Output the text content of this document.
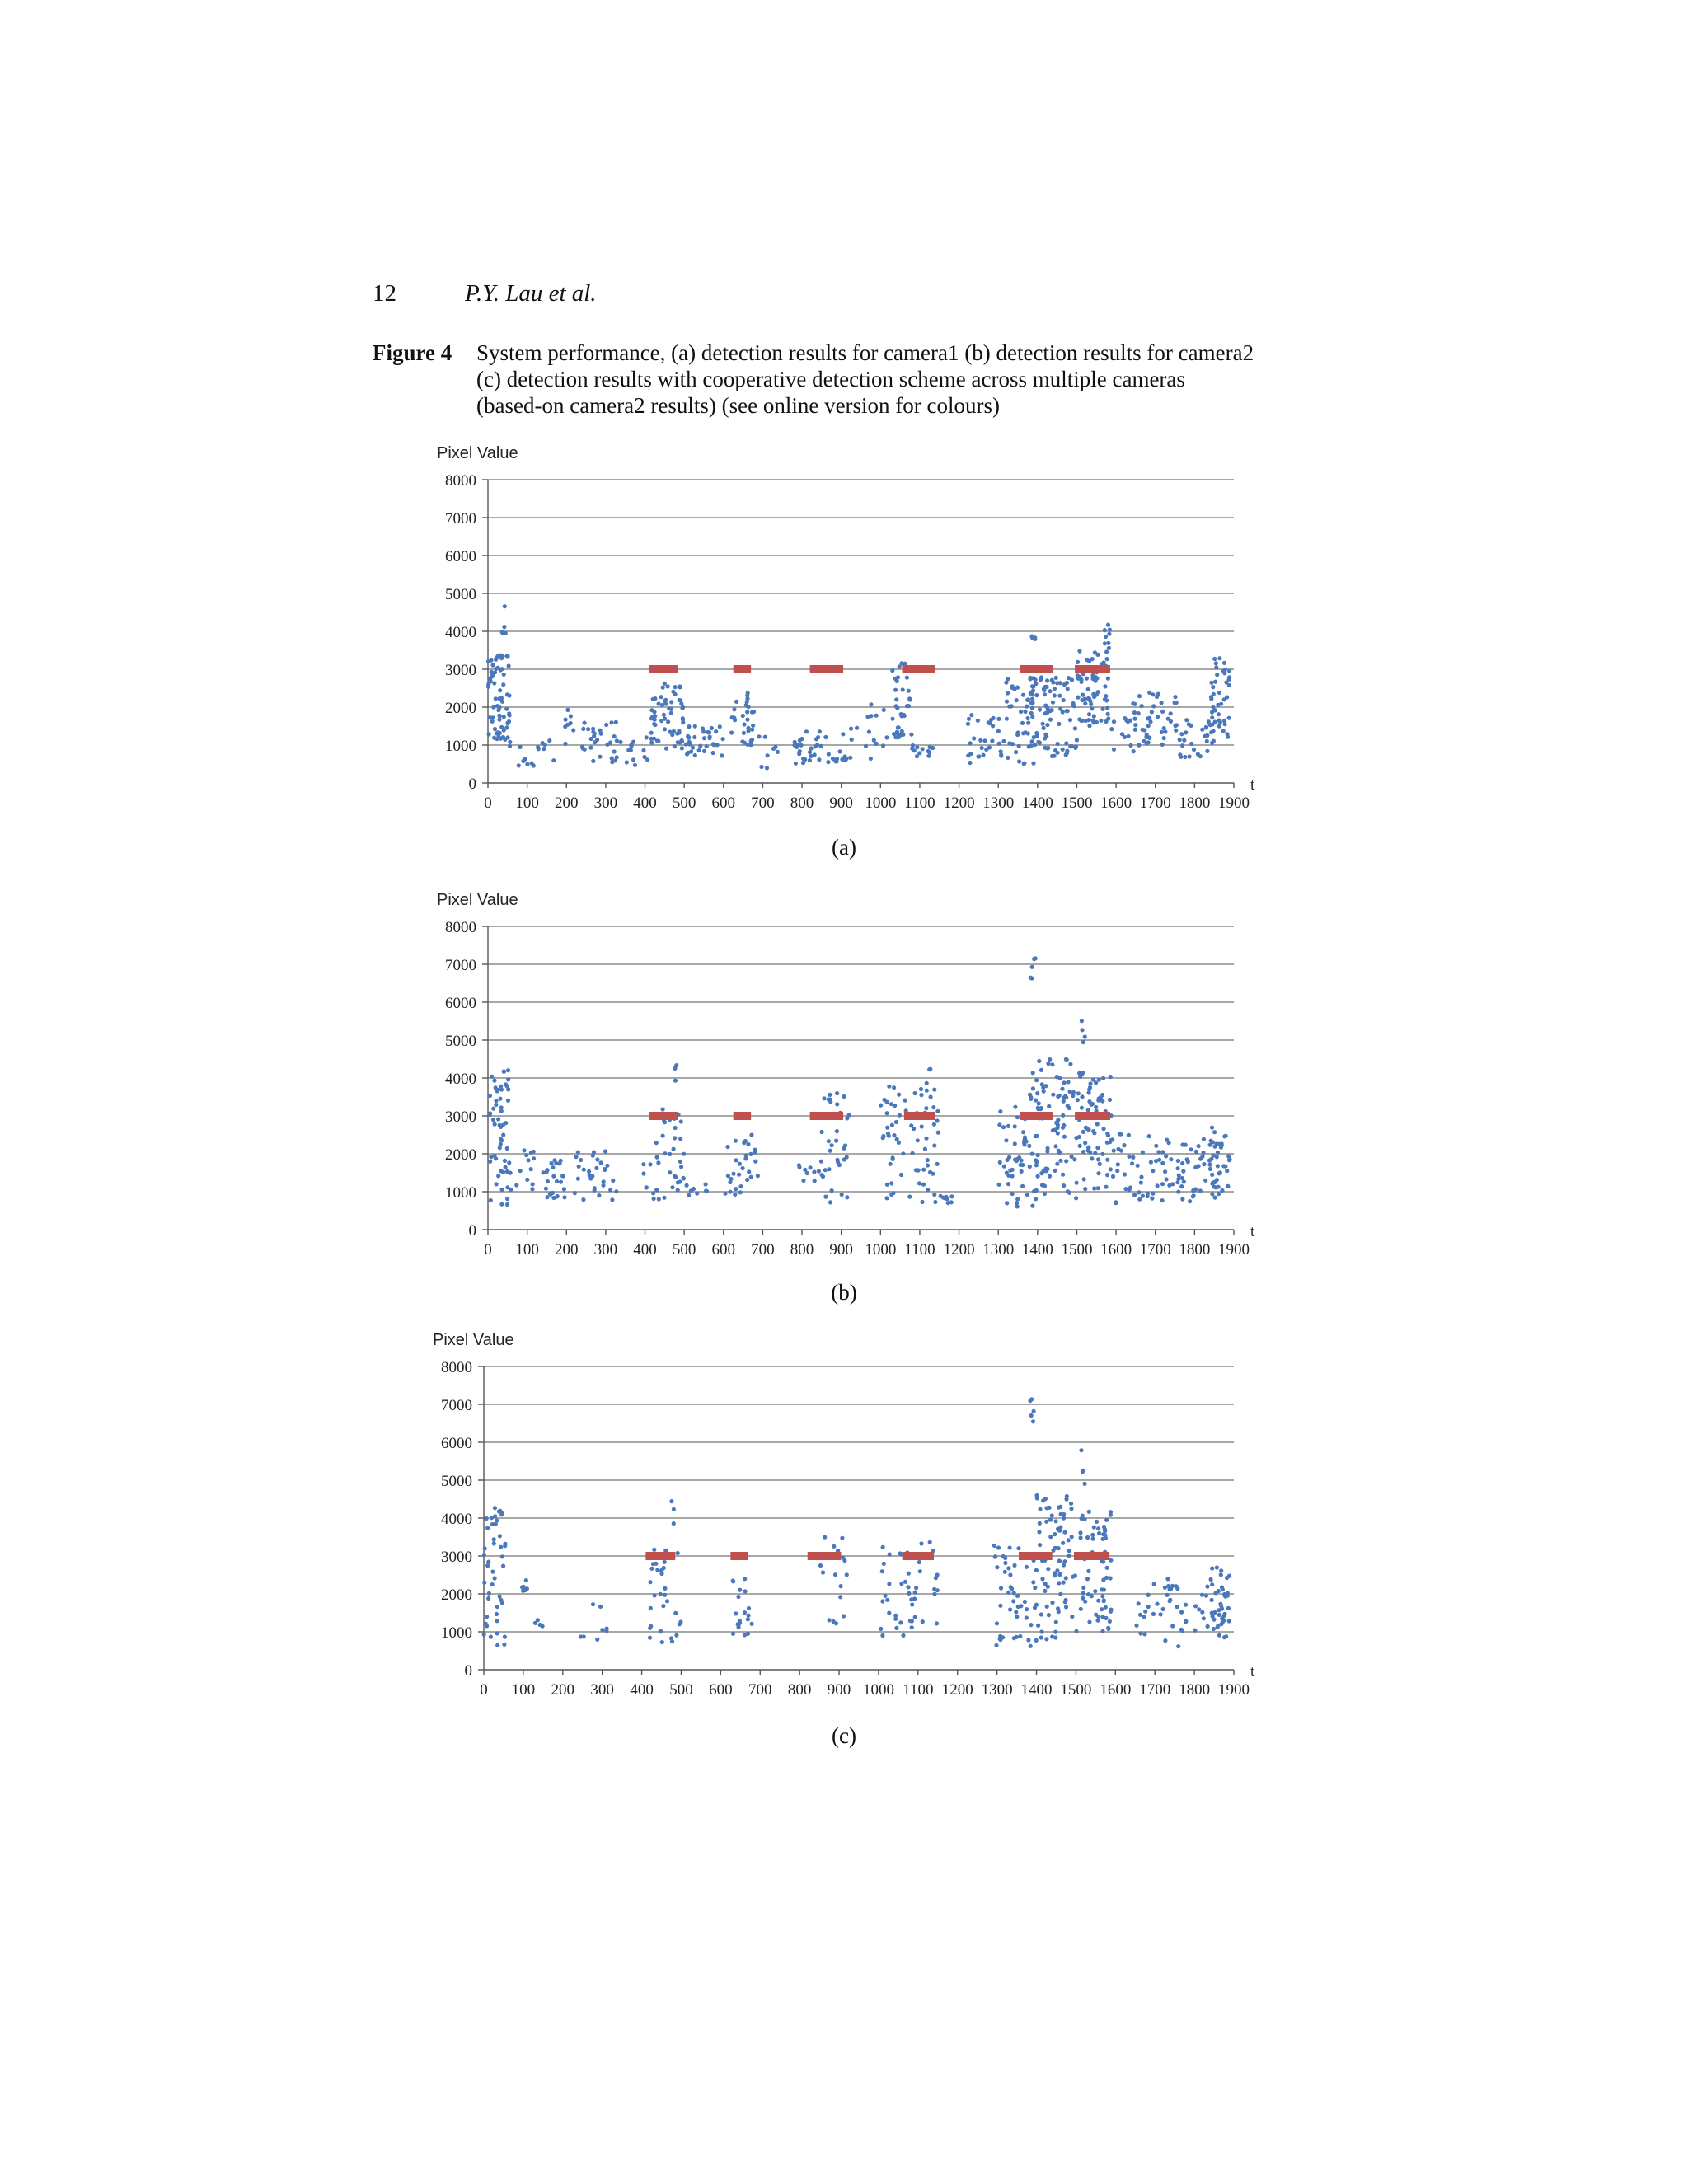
12	P.Y. Lau et al.
Figure 4 System performance, (a) detection results for camera1 (b) detection results for camera2
(c) detection results with cooperative detection scheme across multiple cameras
(based-on camera2 results) (see online version for colours)
Pixel Value
0
1000
2000
3000
4000
5000
6000
7000
8000
0 100 200 300 400 500 600 700 800 900 1000 1100 1200 1300 1400 1500 1600 1700 1800 1900
t
(a)
Pixel Value
0
1000
2000
3000
4000
5000
6000
7000
8000
0 100 200 300 400 500 600 700 800 900 1000 1100 1200 1300 1400 1500 1600 1700 1800 1900
t
(b)
Pixel Value
0
1000
2000
3000
4000
5000
6000
7000
8000
0 100 200 300 400 500 600 700 800 900 1000 1100 1200 1300 1400 1500 1600 1700 1800 1900
t
(c)
